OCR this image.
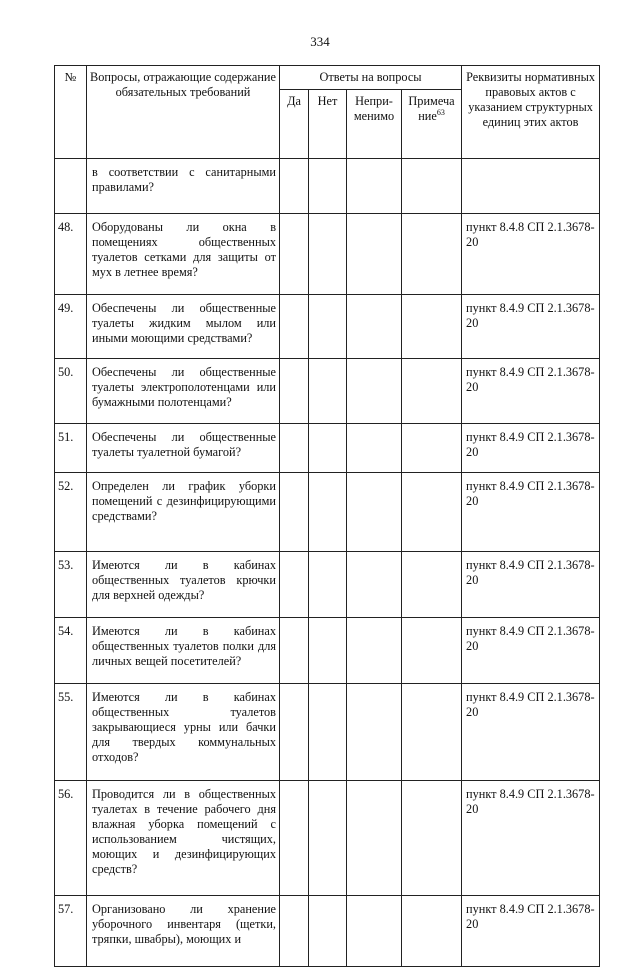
334
№	Вопросы, отражающие содержание обязательных требований	Ответы на вопросы				Реквизиты нормативных правовых актов с указанием структурных единиц этих актов
		Да	Нет	Непри-менимо	Примеча ние$^{63}$
	в соответствии с санитарными правилами?					
48.	Оборудованы ли окна в помещениях общественных туалетов сетками для защиты от мух в летнее время?					пункт 8.4.8 СП 2.1.3678-20
49.	Обеспечены ли общественные туалеты жидким мылом или иными моющими средствами?					пункт 8.4.9 СП 2.1.3678-20
50.	Обеспечены ли общественные туалеты электрополотенцами или бумажными полотенцами?					пункт 8.4.9 СП 2.1.3678-20
51.	Обеспечены ли общественные туалеты туалетной бумагой?					пункт 8.4.9 СП 2.1.3678-20
52.	Определен ли график уборки помещений с дезинфицирующими средствами?					пункт 8.4.9 СП 2.1.3678-20
53.	Имеются ли в кабинах общественных туалетов крючки для верхней одежды?					пункт 8.4.9 СП 2.1.3678-20
54.	Имеются ли в кабинах общественных туалетов полки для личных вещей посетителей?					пункт 8.4.9 СП 2.1.3678-20
55.	Имеются ли в кабинах общественных туалетов закрывающиеся урны или бачки для твердых коммунальных отходов?					пункт 8.4.9 СП 2.1.3678-20
56.	Проводится ли в общественных туалетах в течение рабочего дня влажная уборка помещений с использованием чистящих, моющих и дезинфицирующих средств?					пункт 8.4.9 СП 2.1.3678-20
57.	Организовано ли хранение уборочного инвентаря (щетки, тряпки, швабры), моющих и					пункт 8.4.9 СП 2.1.3678-20
